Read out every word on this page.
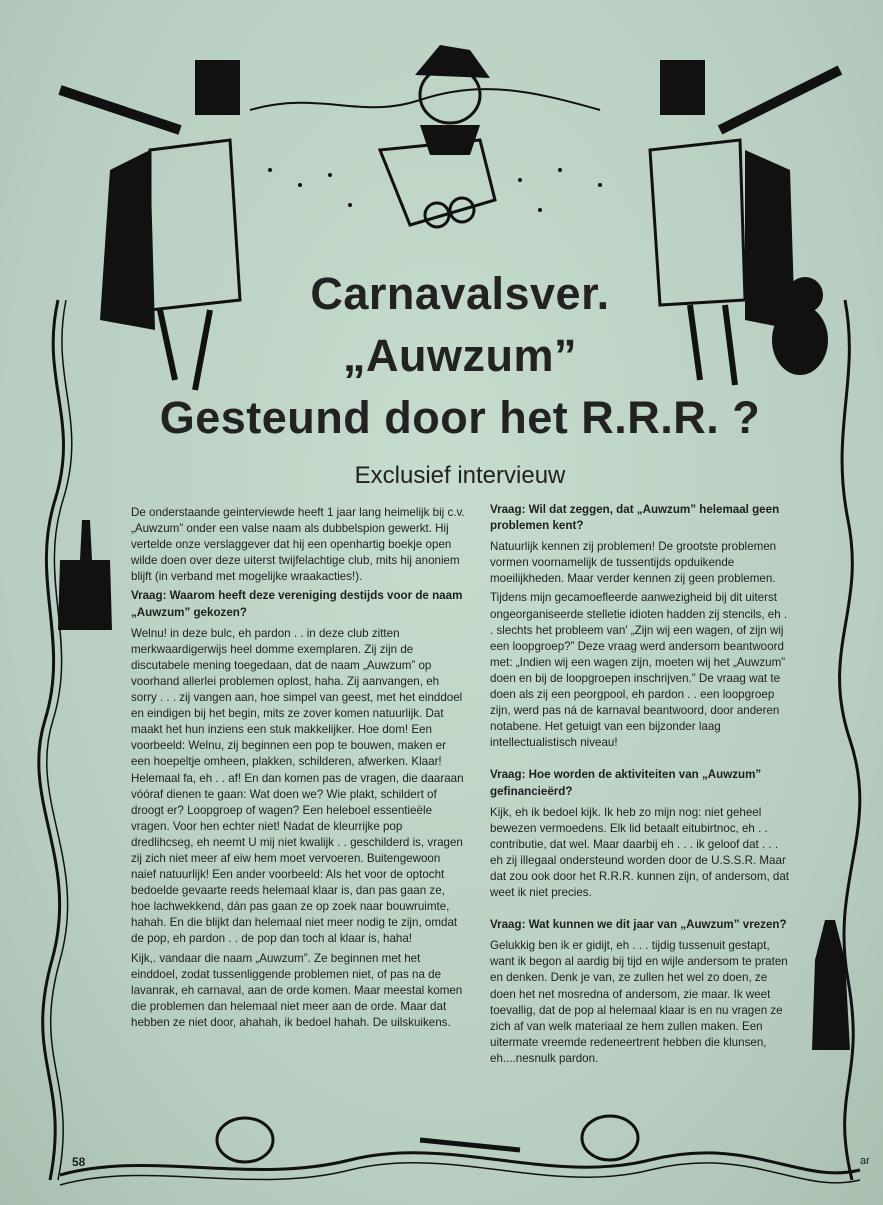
Carnavalsver.
„Auwzum”
Gesteund door het R.R.R. ?
Exclusief intervieuw

De onderstaande geinterviewde heeft 1 jaar lang heimelijk bij c.v. „Auwzum” onder een valse naam als dubbelspion gewerkt. Hij vertelde onze verslaggever dat hij een openhartig boekje open wilde doen over deze uiterst twijfelachtige club, mits hij anoniem blijft (in verband met mogelijke wraakacties!).

Vraag: Waarom heeft deze vereniging destijds voor de naam „Auwzum” gekozen?

Welnu! in deze bulc, eh pardon . . in deze club zitten merkwaardigerwijs heel domme exemplaren. Zij zijn de discutabele mening toegedaan, dat de naam „Auwzum” op voorhand allerlei problemen oplost, haha. Zij aanvangen, eh sorry . . . zij vangen aan, hoe simpel van geest, met het einddoel en eindigen bij het begin, mits ze zover komen natuurlijk. Dat maakt het hun inziens een stuk makkelijker. Hoe dom! Een voorbeeld: Welnu, zij beginnen een pop te bouwen, maken er een hoepeltje omheen, plakken, schilderen, afwerken. Klaar! Helemaal fa, eh . . af! En dan komen pas de vragen, die daaraan vóóraf dienen te gaan: Wat doen we? Wie plakt, schildert of droogt er? Loopgroep of wagen? Een heleboel essentieële vragen. Voor hen echter niet! Nadat de kleurrijke pop dredlihcseg, eh neemt U mij niet kwalijk . . geschilderd is, vragen zij zich niet meer af eiw hem moet vervoeren. Buitengewoon naief natuurlijk! Een ander voorbeeld: Als het voor de optocht bedoelde gevaarte reeds helemaal klaar is, dan pas gaan ze, hoe lachwekkend, dán pas gaan ze op zoek naar bouwruimte, hahah. En die blijkt dan helemaal niet meer nodig te zijn, omdat de pop, eh pardon . . de pop dan toch al klaar is, haha!

Kijk,. vandaar die naam „Auwzum”. Ze beginnen met het einddoel, zodat tussenliggende problemen niet, of pas na de lavanrak, eh carnaval, aan de orde komen. Maar meestal komen die problemen dan helemaal niet meer aan de orde. Maar dat hebben ze niet door, ahahah, ik bedoel hahah. De uilskuikens.

Vraag: Wil dat zeggen, dat „Auwzum” helemaal geen problemen kent?

Natuurlijk kennen zij problemen! De grootste problemen vormen voornamelijk de tussentijds opduikende moeilijkheden. Maar verder kennen zij geen problemen.

Tijdens mijn gecamoefleerde aanwezigheid bij dit uiterst ongeorganiseerde stelletie idioten hadden zij stencils, eh . . slechts het probleem van' „Zijn wij een wagen, of zijn wij een loopgroep?” Deze vraag werd andersom beantwoord met: „Indien wij een wagen zijn, moeten wij het „Auwzum” doen en bij de loopgroepen inschrijven.” De vraag wat te doen als zij een peorgpool, eh pardon . . een loopgroep zijn, werd pas ná de karnaval beantwoord, door anderen notabene. Het getuigt van een bijzonder laag intellectualistisch niveau!

Vraag: Hoe worden de aktiviteiten van „Auwzum” gefinancieërd?

Kijk, eh ik bedoel kijk. Ik heb zo mijn nog: niet geheel bewezen vermoedens. Elk lid betaalt eitubirtnoc, eh . . contributie, dat wel. Maar daarbij eh . . . ik geloof dat . . . eh zij illegaal ondersteund worden door de U.S.S.R. Maar dat zou ook door het R.R.R. kunnen zijn, of andersom, dat weet ik niet precies.

Vraag: Wat kunnen we dit jaar van „Auwzum” vrezen?

Gelukkig ben ik er gidijt, eh . . . tijdig tussenuit gestapt, want ik begon al aardig bij tijd en wijle andersom te praten en denken. Denk je van, ze zullen het wel zo doen, ze doen het net mosredna of andersom, zie maar. Ik weet toevallig, dat de pop al helemaal klaar is en nu vragen ze zich af van welk materiaal ze hem zullen maken. Een uitermate vreemde redeneertrent hebben die klunsen, eh....nesnulk pardon.

58	ar
